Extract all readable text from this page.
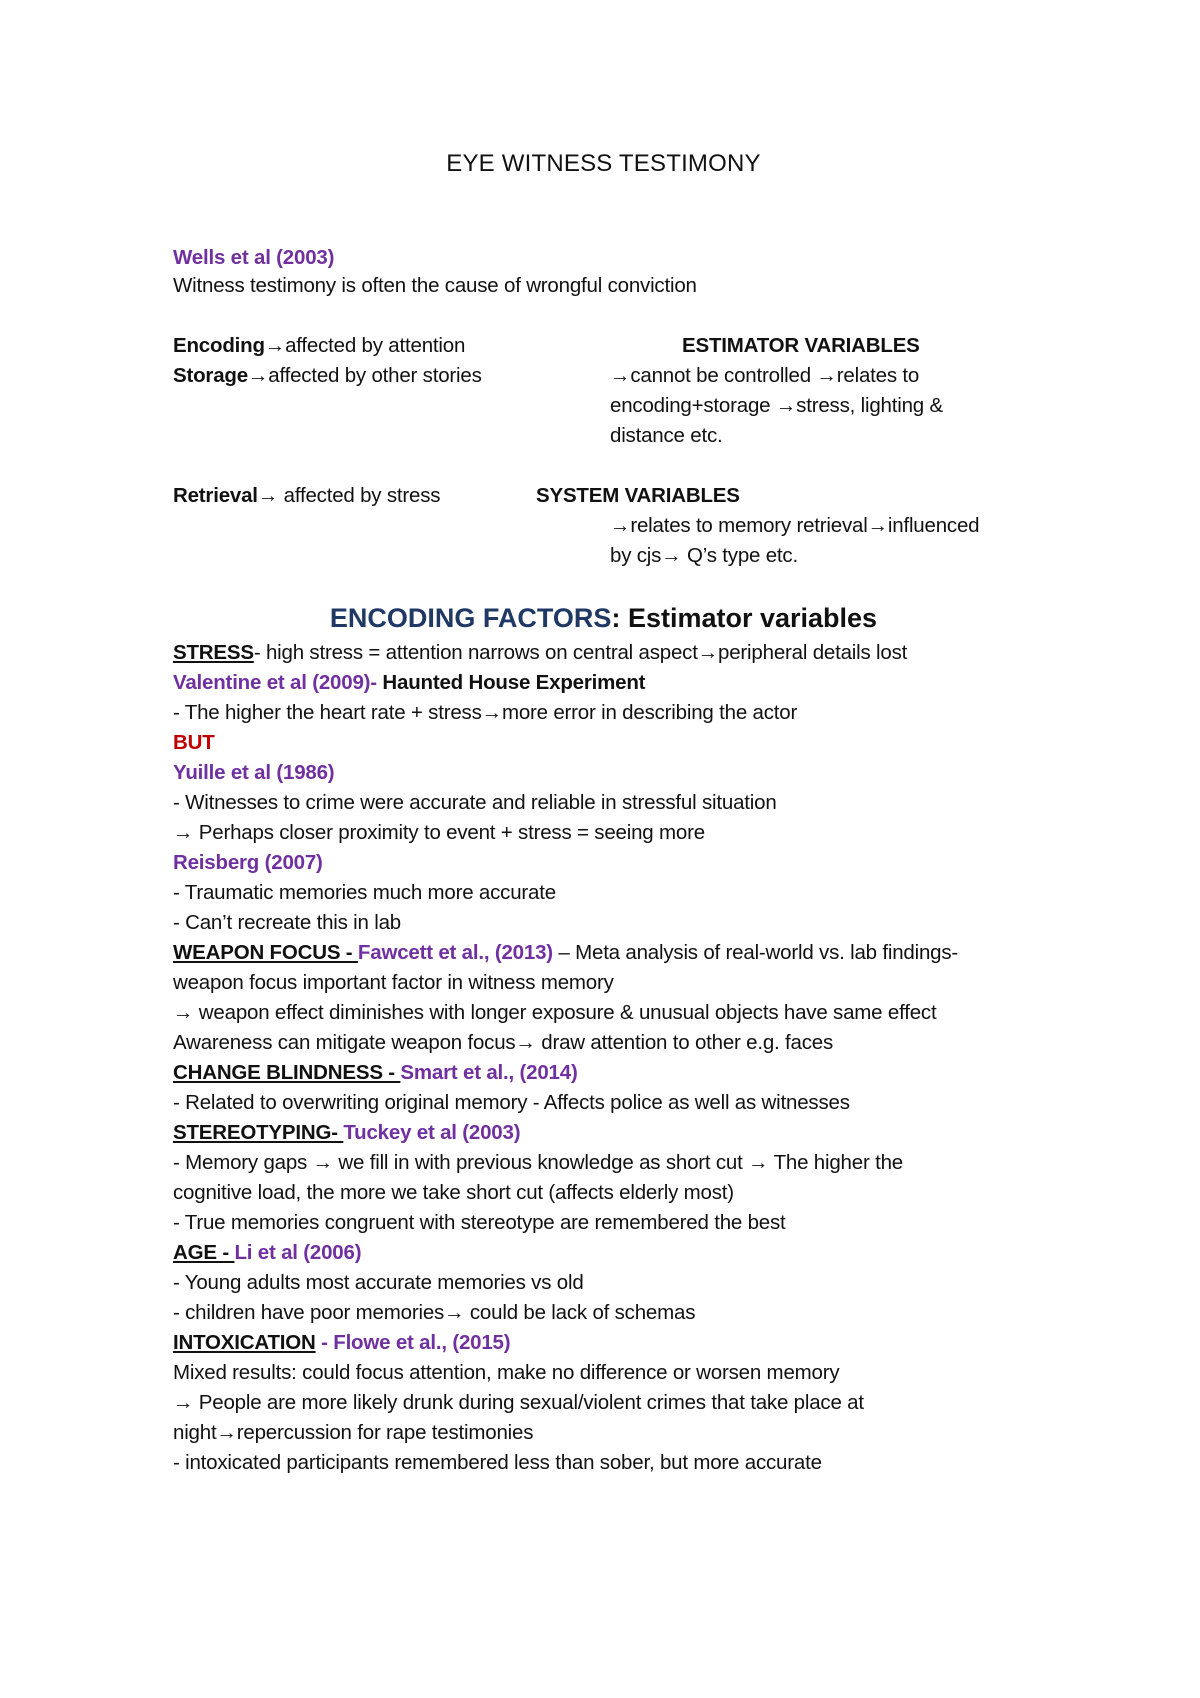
EYE WITNESS TESTIMONY
Wells et al (2003)
Witness testimony is often the cause of wrongful conviction
Encoding→affected by attention
Storage→affected by other stories
Retrieval→ affected by stress
ESTIMATOR VARIABLES
→cannot be controlled →relates to
encoding+storage →stress, lighting &
distance etc.
SYSTEM VARIABLES
→relates to memory retrieval→influenced
by cjs→ Q’s type etc.
ENCODING FACTORS: Estimator variables
STRESS- high stress = attention narrows on central aspect→peripheral details lost
Valentine et al (2009)- Haunted House Experiment
- The higher the heart rate + stress→more error in describing the actor
BUT
Yuille et al (1986)
- Witnesses to crime were accurate and reliable in stressful situation
→ Perhaps closer proximity to event + stress = seeing more
Reisberg (2007)
- Traumatic memories much more accurate
- Can’t recreate this in lab
WEAPON FOCUS - Fawcett et al., (2013) – Meta analysis of real-world vs. lab findings-
weapon focus important factor in witness memory
→ weapon effect diminishes with longer exposure & unusual objects have same effect
Awareness can mitigate weapon focus→ draw attention to other e.g. faces
CHANGE BLINDNESS - Smart et al., (2014)
- Related to overwriting original memory - Affects police as well as witnesses
STEREOTYPING- Tuckey et al (2003)
- Memory gaps → we fill in with previous knowledge as short cut → The higher the
cognitive load, the more we take short cut (affects elderly most)
- True memories congruent with stereotype are remembered the best
AGE - Li et al (2006)
- Young adults most accurate memories vs old
- children have poor memories→ could be lack of schemas
INTOXICATION - Flowe et al., (2015)
Mixed results: could focus attention, make no difference or worsen memory
→ People are more likely drunk during sexual/violent crimes that take place at
night→repercussion for rape testimonies
- intoxicated participants remembered less than sober, but more accurate
